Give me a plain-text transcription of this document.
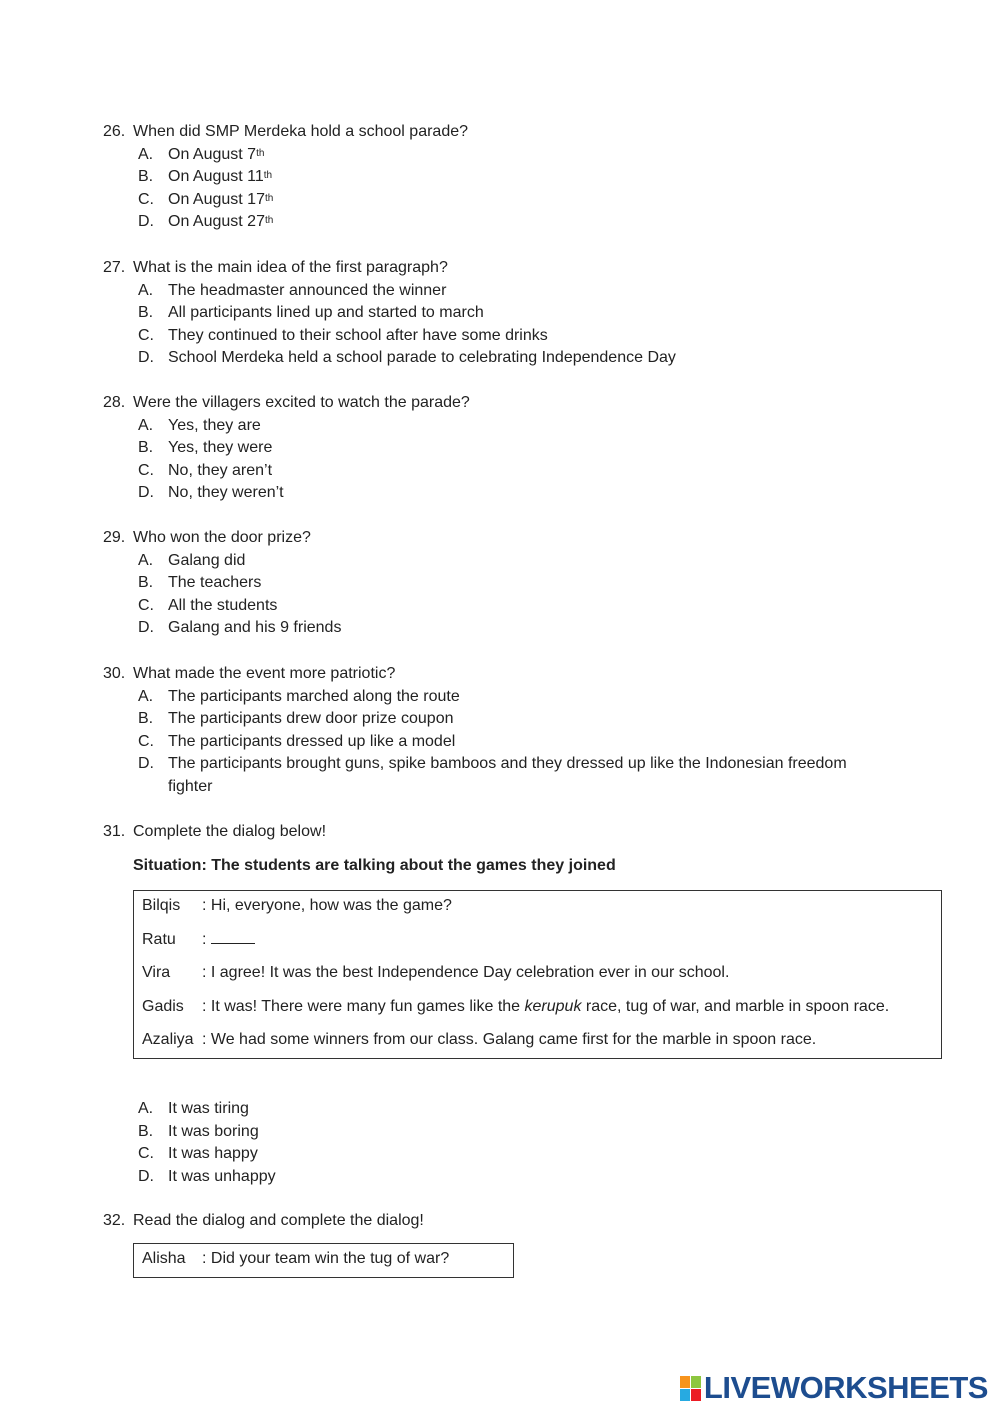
26. When did SMP Merdeka hold a school parade?
A. On August 7th
B. On August 11th
C. On August 17th
D. On August 27th
27. What is the main idea of the first paragraph?
A. The headmaster announced the winner
B. All participants lined up and started to march
C. They continued to their school after have some drinks
D. School Merdeka held a school parade to celebrating Independence Day
28. Were the villagers excited to watch the parade?
A. Yes, they are
B. Yes, they were
C. No, they aren’t
D. No, they weren’t
29. Who won the door prize?
A. Galang did
B. The teachers
C. All the students
D. Galang and his 9 friends
30. What made the event more patriotic?
A. The participants marched along the route
B. The participants drew door prize coupon
C. The participants dressed up like a model
D. The participants brought guns, spike bamboos and they dressed up like the Indonesian freedom fighter
31. Complete the dialog below!
Situation: The students are talking about the games they joined
Bilqis	: Hi, everyone, how was the game?
Ratu	:
Vira	: I agree! It was the best Independence Day celebration ever in our school.
Gadis	: It was! There were many fun games like the kerupuk race, tug of war, and marble in spoon race.
Azaliya : We had some winners from our class. Galang came first for the marble in spoon race.
A. It was tiring
B. It was boring
C. It was happy
D. It was unhappy
32. Read the dialog and complete the dialog!
Alisha	: Did your team win the tug of war?
LIVEWORKSHEETS
